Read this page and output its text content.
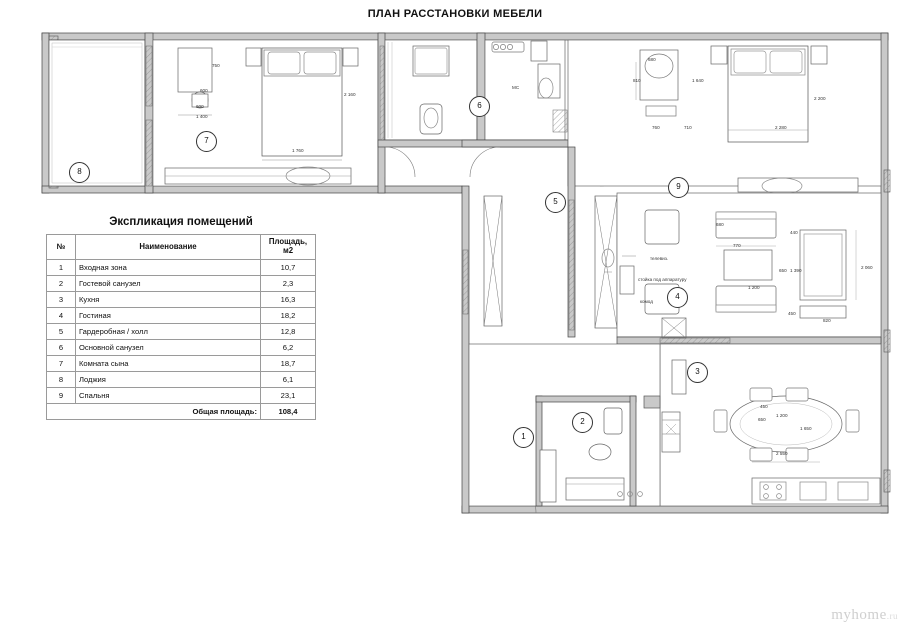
ПЛАН РАССТАНОВКИ МЕБЕЛИ
Экспликация помещений
№	Наименование	Площадь, м2
1	Входная зона	10,7
2	Гостевой санузел	2,3
3	Кухня	16,3
4	Гостиная	18,2
5	Гардеробная / холл	12,8
6	Основной санузел	6,2
7	Комната сына	18,7
8	Лоджия	6,1
9	Спальня	23,1
Общая площадь:		108,4
1
2
3
4
5
6
7
8
9
1 760
1 400
600
750
600
2 160
МС
680
810	1 640
760	710	2 280
2 200
1 200
770
820
440
2 060
650 1 390
680
450
стойка под аппаратуру
комод
телевиз.
1 200
650
1 650
2 550
450
myhome.ru
